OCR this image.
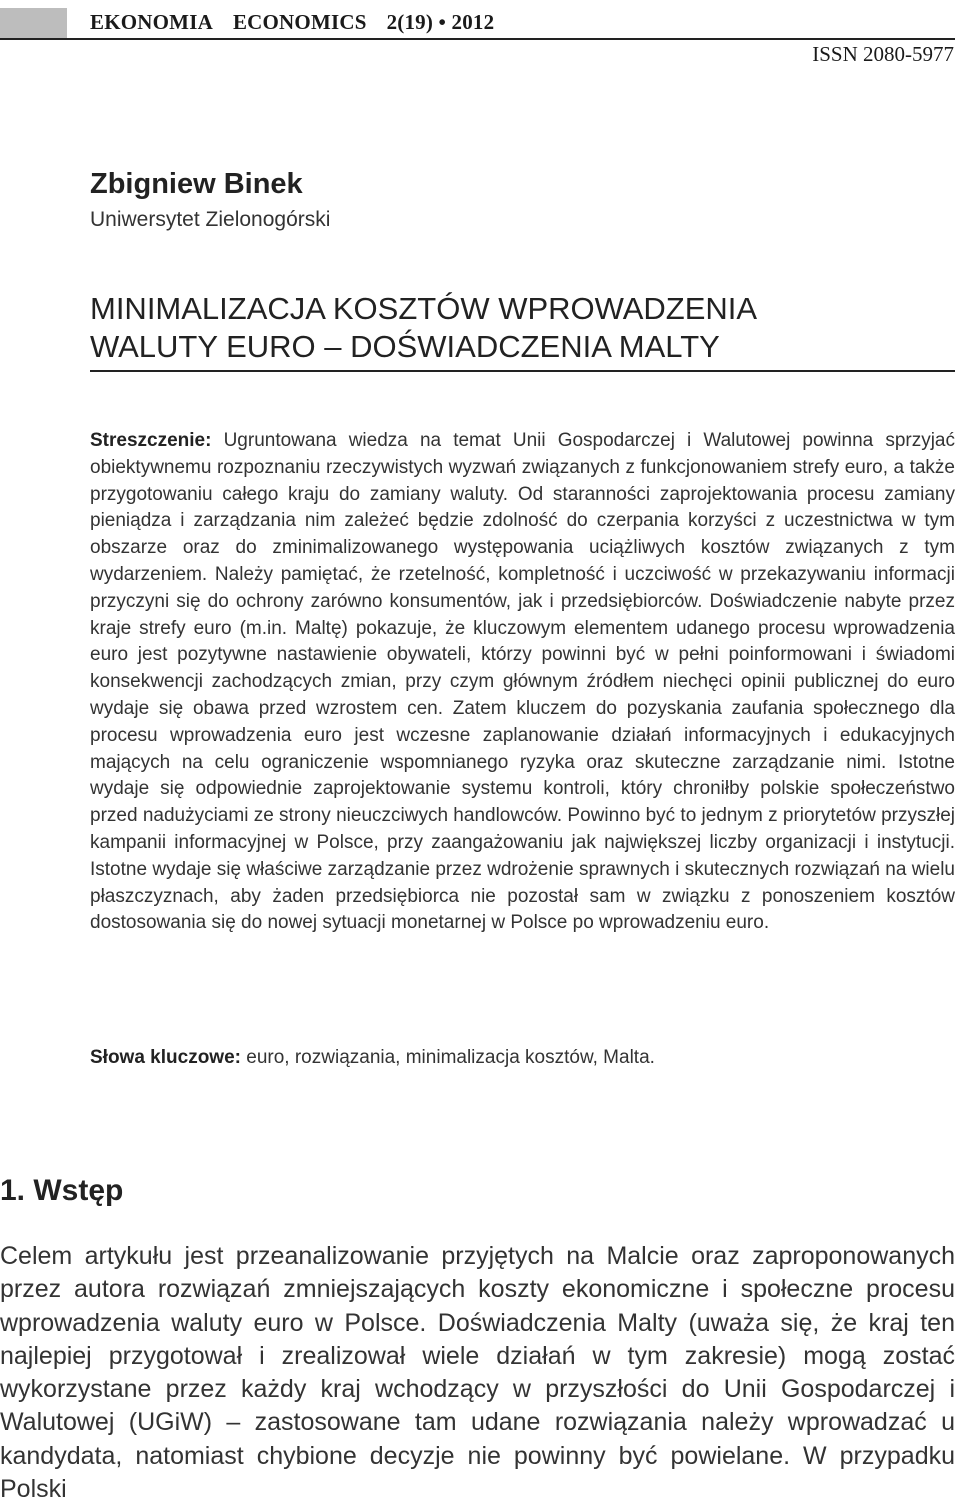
EKONOMIA ECONOMICS 2(19) • 2012
ISSN 2080-5977
Zbigniew Binek
Uniwersytet Zielonogórski
MINIMALIZACJA KOSZTÓW WPROWADZENIA
WALUTY EURO – DOŚWIADCZENIA MALTY

Streszczenie: Ugruntowana wiedza na temat Unii Gospodarczej i Walutowej powinna sprzyjać obiektywnemu rozpoznaniu rzeczywistych wyzwań związanych z funkcjonowaniem strefy euro, a także przygotowaniu całego kraju do zamiany waluty. Od staranności zaprojektowania procesu zamiany pieniądza i zarządzania nim zależeć będzie zdolność do czerpania korzyści z uczestnictwa w tym obszarze oraz do zminimalizowanego występowania uciążliwych kosztów związanych z tym wydarzeniem. Należy pamiętać, że rzetelność, kompletność i uczciwość w przekazywaniu informacji przyczyni się do ochrony zarówno konsumentów, jak i przedsiębiorców. Doświadczenie nabyte przez kraje strefy euro (m.in. Maltę) pokazuje, że kluczowym elementem udanego procesu wprowadzenia euro jest pozytywne nastawienie obywateli, którzy powinni być w pełni poinformowani i świadomi konsekwencji zachodzących zmian, przy czym głównym źródłem niechęci opinii publicznej do euro wydaje się obawa przed wzrostem cen. Zatem kluczem do pozyskania zaufania społecznego dla procesu wprowadzenia euro jest wczesne zaplanowanie działań informacyjnych i edukacyjnych mających na celu ograniczenie wspomnianego ryzyka oraz skuteczne zarządzanie nimi. Istotne wydaje się odpowiednie zaprojektowanie systemu kontroli, który chroniłby polskie społeczeństwo przed nadużyciami ze strony nieuczciwych handlowców. Powinno być to jednym z priorytetów przyszłej kampanii informacyjnej w Polsce, przy zaangażowaniu jak największej liczby organizacji i instytucji. Istotne wydaje się właściwe zarządzanie przez wdrożenie sprawnych i skutecznych rozwiązań na wielu płaszczyznach, aby żaden przedsiębiorca nie pozostał sam w związku z ponoszeniem kosztów dostosowania się do nowej sytuacji monetarnej w Polsce po wprowadzeniu euro.

Słowa kluczowe: euro, rozwiązania, minimalizacja kosztów, Malta.

1. Wstęp

Celem artykułu jest przeanalizowanie przyjętych na Malcie oraz zaproponowanych przez autora rozwiązań zmniejszających koszty ekonomiczne i społeczne procesu wprowadzenia waluty euro w Polsce. Doświadczenia Malty (uważa się, że kraj ten najlepiej przygotował i zrealizował wiele działań w tym zakresie) mogą zostać wykorzystane przez każdy kraj wchodzący w przyszłości do Unii Gospodarczej i Walutowej (UGiW) – zastosowane tam udane rozwiązania należy wprowadzać u kandydata, natomiast chybione decyzje nie powinny być powielane. W przypadku Polski
